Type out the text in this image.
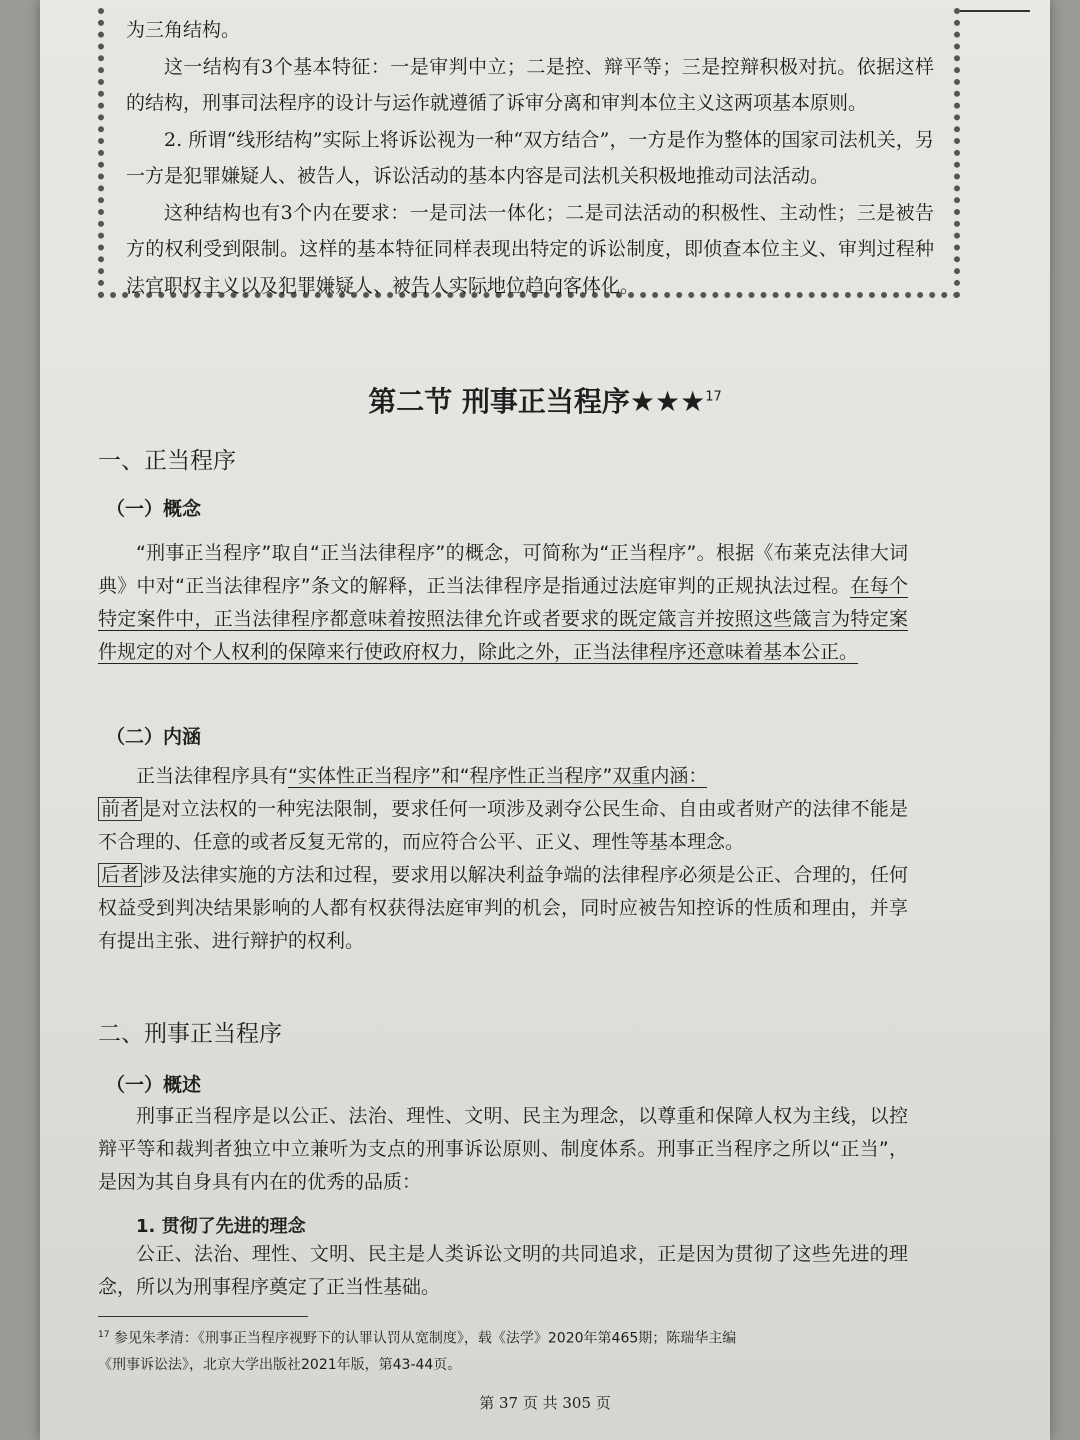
为三角结构。

这一结构有3个基本特征：一是审判中立；二是控、辩平等；三是控辩积极对抗。依据这样的结构，刑事司法程序的设计与运作就遵循了诉审分离和审判本位主义这两项基本原则。

2. 所谓“线形结构”实际上将诉讼视为一种“双方结合”，一方是作为整体的国家司法机关，另一方是犯罪嫌疑人、被告人，诉讼活动的基本内容是司法机关积极地推动司法活动。

这种结构也有3个内在要求：一是司法一体化；二是司法活动的积极性、主动性；三是被告方的权利受到限制。这样的基本特征同样表现出特定的诉讼制度，即侦查本位主义、审判过程种法官职权主义以及犯罪嫌疑人、被告人实际地位趋向客体化。

第二节 刑事正当程序★★★$^{17}$
一、正当程序
（一）概念

“刑事正当程序”取自“正当法律程序”的概念，可简称为“正当程序”。根据《布莱克法律大词典》中对“正当法律程序”条文的解释，正当法律程序是指通过法庭审判的正规执法过程。在每个特定案件中，正当法律程序都意味着按照法律允许或者要求的既定箴言并按照这些箴言为特定案件规定的对个人权利的保障来行使政府权力，除此之外，正当法律程序还意味着基本公正。

（二）内涵

正当法律程序具有“实体性正当程序”和“程序性正当程序”双重内涵：

前者 是对立法权的一种宪法限制，要求任何一项涉及剥夺公民生命、自由或者财产的法律不能是不合理的、任意的或者反复无常的，而应符合公平、正义、理性等基本理念。

后者 涉及法律实施的方法和过程，要求用以解决利益争端的法律程序必须是公正、合理的，任何权益受到判决结果影响的人都有权获得法庭审判的机会，同时应被告知控诉的性质和理由，并享有提出主张、进行辩护的权利。

二、刑事正当程序
（一）概述

刑事正当程序是以公正、法治、理性、文明、民主为理念，以尊重和保障人权为主线，以控辩平等和裁判者独立中立兼听为支点的刑事诉讼原则、制度体系。刑事正当程序之所以“正当”，是因为其自身具有内在的优秀的品质：

1. 贯彻了先进的理念

公正、法治、理性、文明、民主是人类诉讼文明的共同追求，正是因为贯彻了这些先进的理念，所以为刑事程序奠定了正当性基础。

$^{17}$ 参见朱孝清：《刑事正当程序视野下的认罪认罚从宽制度》，载《法学》2020年第465期；陈瑞华主编

《刑事诉讼法》，北京大学出版社2021年版，第43-44页。

第 37 页 共 305 页
